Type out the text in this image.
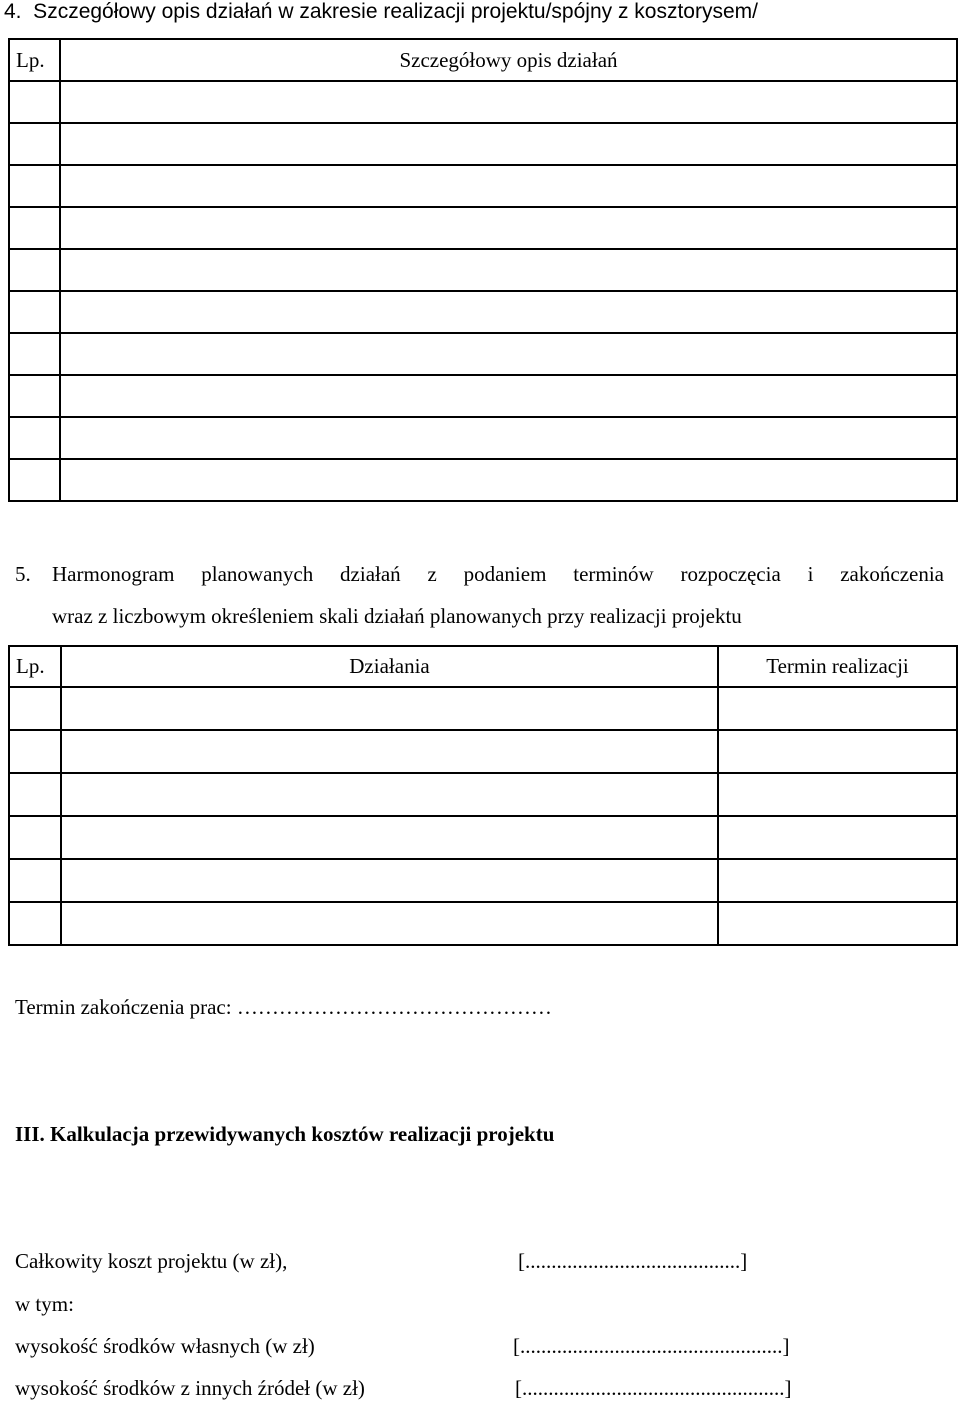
4.  Szczegółowy opis działań w zakresie realizacji projektu/spójny z kosztorysem/
Lp.	Szczegółowy opis działań

5. Harmonogram planowanych działań z podaniem terminów rozpoczęcia i zakończenia
wraz z liczbowym określeniem skali działań planowanych przy realizacji projektu
Lp.	Działania	Termin realizacji

Termin zakończenia prac: ………………………………………
III. Kalkulacja przewidywanych kosztów realizacji projektu
Całkowity koszt projektu (w zł),	[.........................................]
w tym:
wysokość środków własnych (w zł)	[..................................................]
wysokość środków z innych źródeł (w zł)	[..................................................]
